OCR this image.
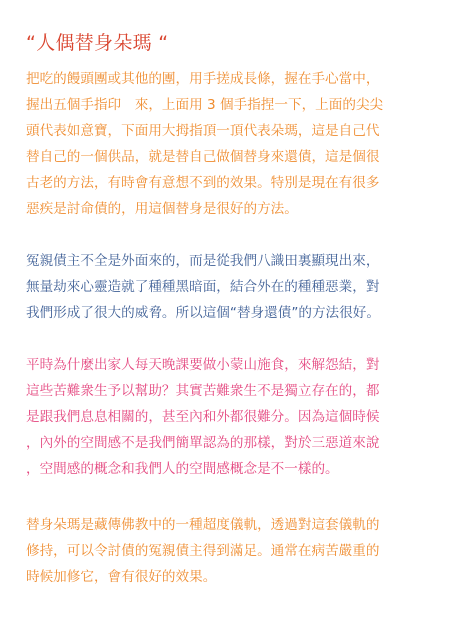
“人偶替身朵瑪 “
把吃的饅頭團或其他的團，用手搓成長條，握在手心當中，
握出五個手指印　來，上面用 3 個手指捏一下，上面的尖尖
頭代表如意寶，下面用大拇指頂一頂代表朵瑪，這是自己代
替自己的一個供品，就是替自己做個替身來還債，這是個很
古老的方法，有時會有意想不到的效果。特別是現在有很多
惡疾是討命債的，用這個替身是很好的方法。
冤親債主不全是外面來的，而是從我們八識田裏顯現出來，
無量劫來心靈造就了種種黑暗面，結合外在的種種惡業，對
我們形成了很大的威脅。所以這個“替身還債”的方法很好。
平時為什麼出家人每天晚課要做小蒙山施食，來解怨結，對
這些苦難衆生予以幫助？其實苦難衆生不是獨立存在的，都
是跟我們息息相關的，甚至內和外都很難分。因為這個時候
，內外的空間感不是我們簡單認為的那樣，對於三惡道來說
，空間感的概念和我們人的空間感概念是不一樣的。
替身朵瑪是藏傳佛教中的一種超度儀軌，透過對這套儀軌的
修持，可以令討債的冤親債主得到滿足。通常在病苦嚴重的
時候加修它，會有很好的效果。
